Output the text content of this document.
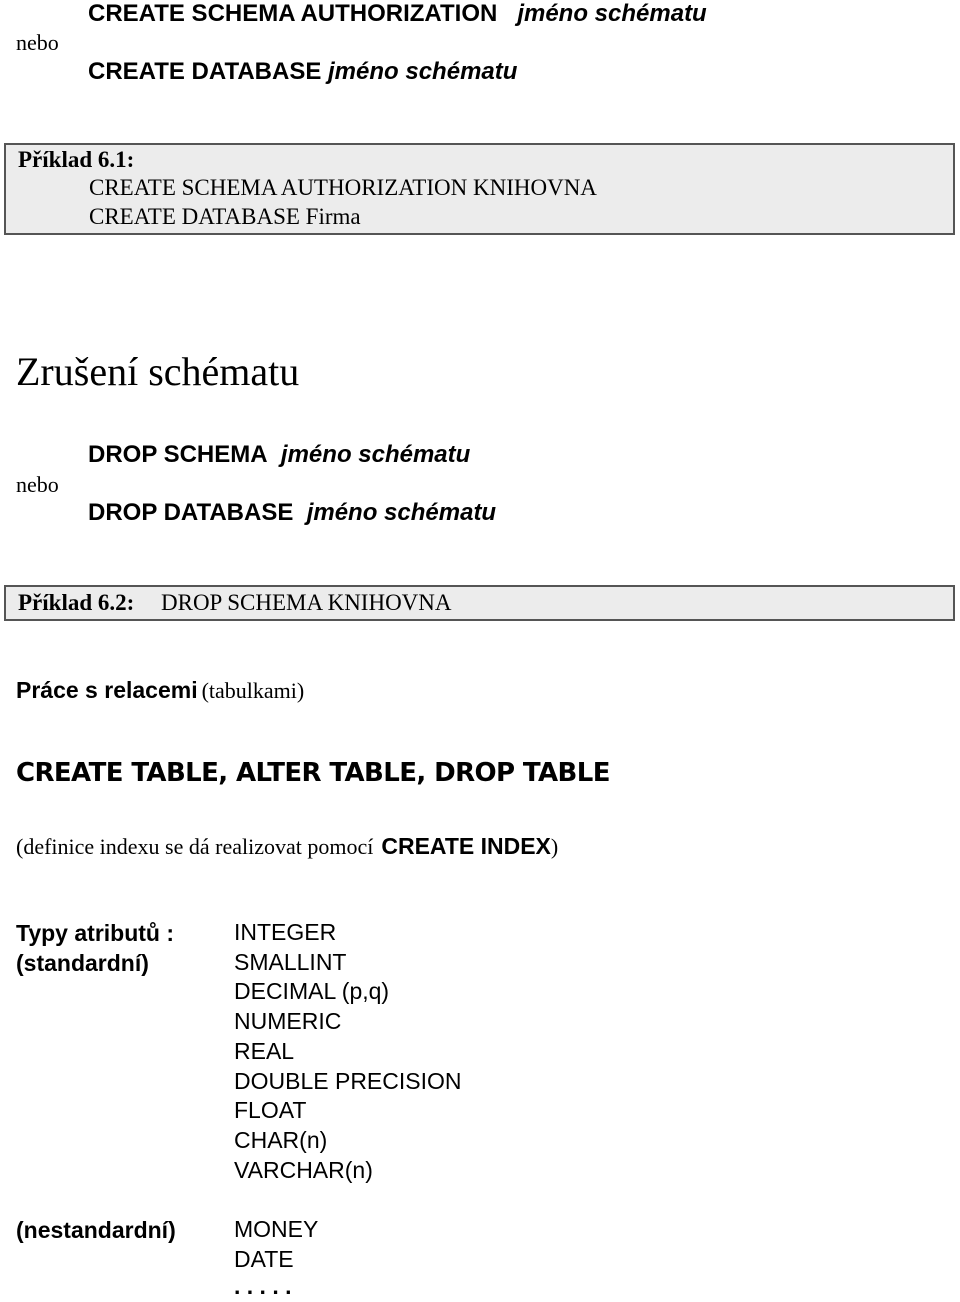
CREATE SCHEMA AUTHORIZATION jméno schématu
nebo
CREATE DATABASE jméno schématu
Příklad 6.1:
CREATE SCHEMA AUTHORIZATION KNIHOVNA
CREATE DATABASE Firma
Zrušení schématu
DROP SCHEMA jméno schématu
nebo
DROP DATABASE jméno schématu
Příklad 6.2: DROP SCHEMA KNIHOVNA
Práce s relacemi (tabulkami)
CREATE TABLE, ALTER TABLE, DROP TABLE
(definice indexu se dá realizovat pomocí CREATE INDEX)
Typy atributů :
(standardní)
INTEGER
SMALLINT
DECIMAL (p,q)
NUMERIC
REAL
DOUBLE PRECISION
FLOAT
CHAR(n)
VARCHAR(n)
(nestandardní)	MONEY
DATE
. . . . .
